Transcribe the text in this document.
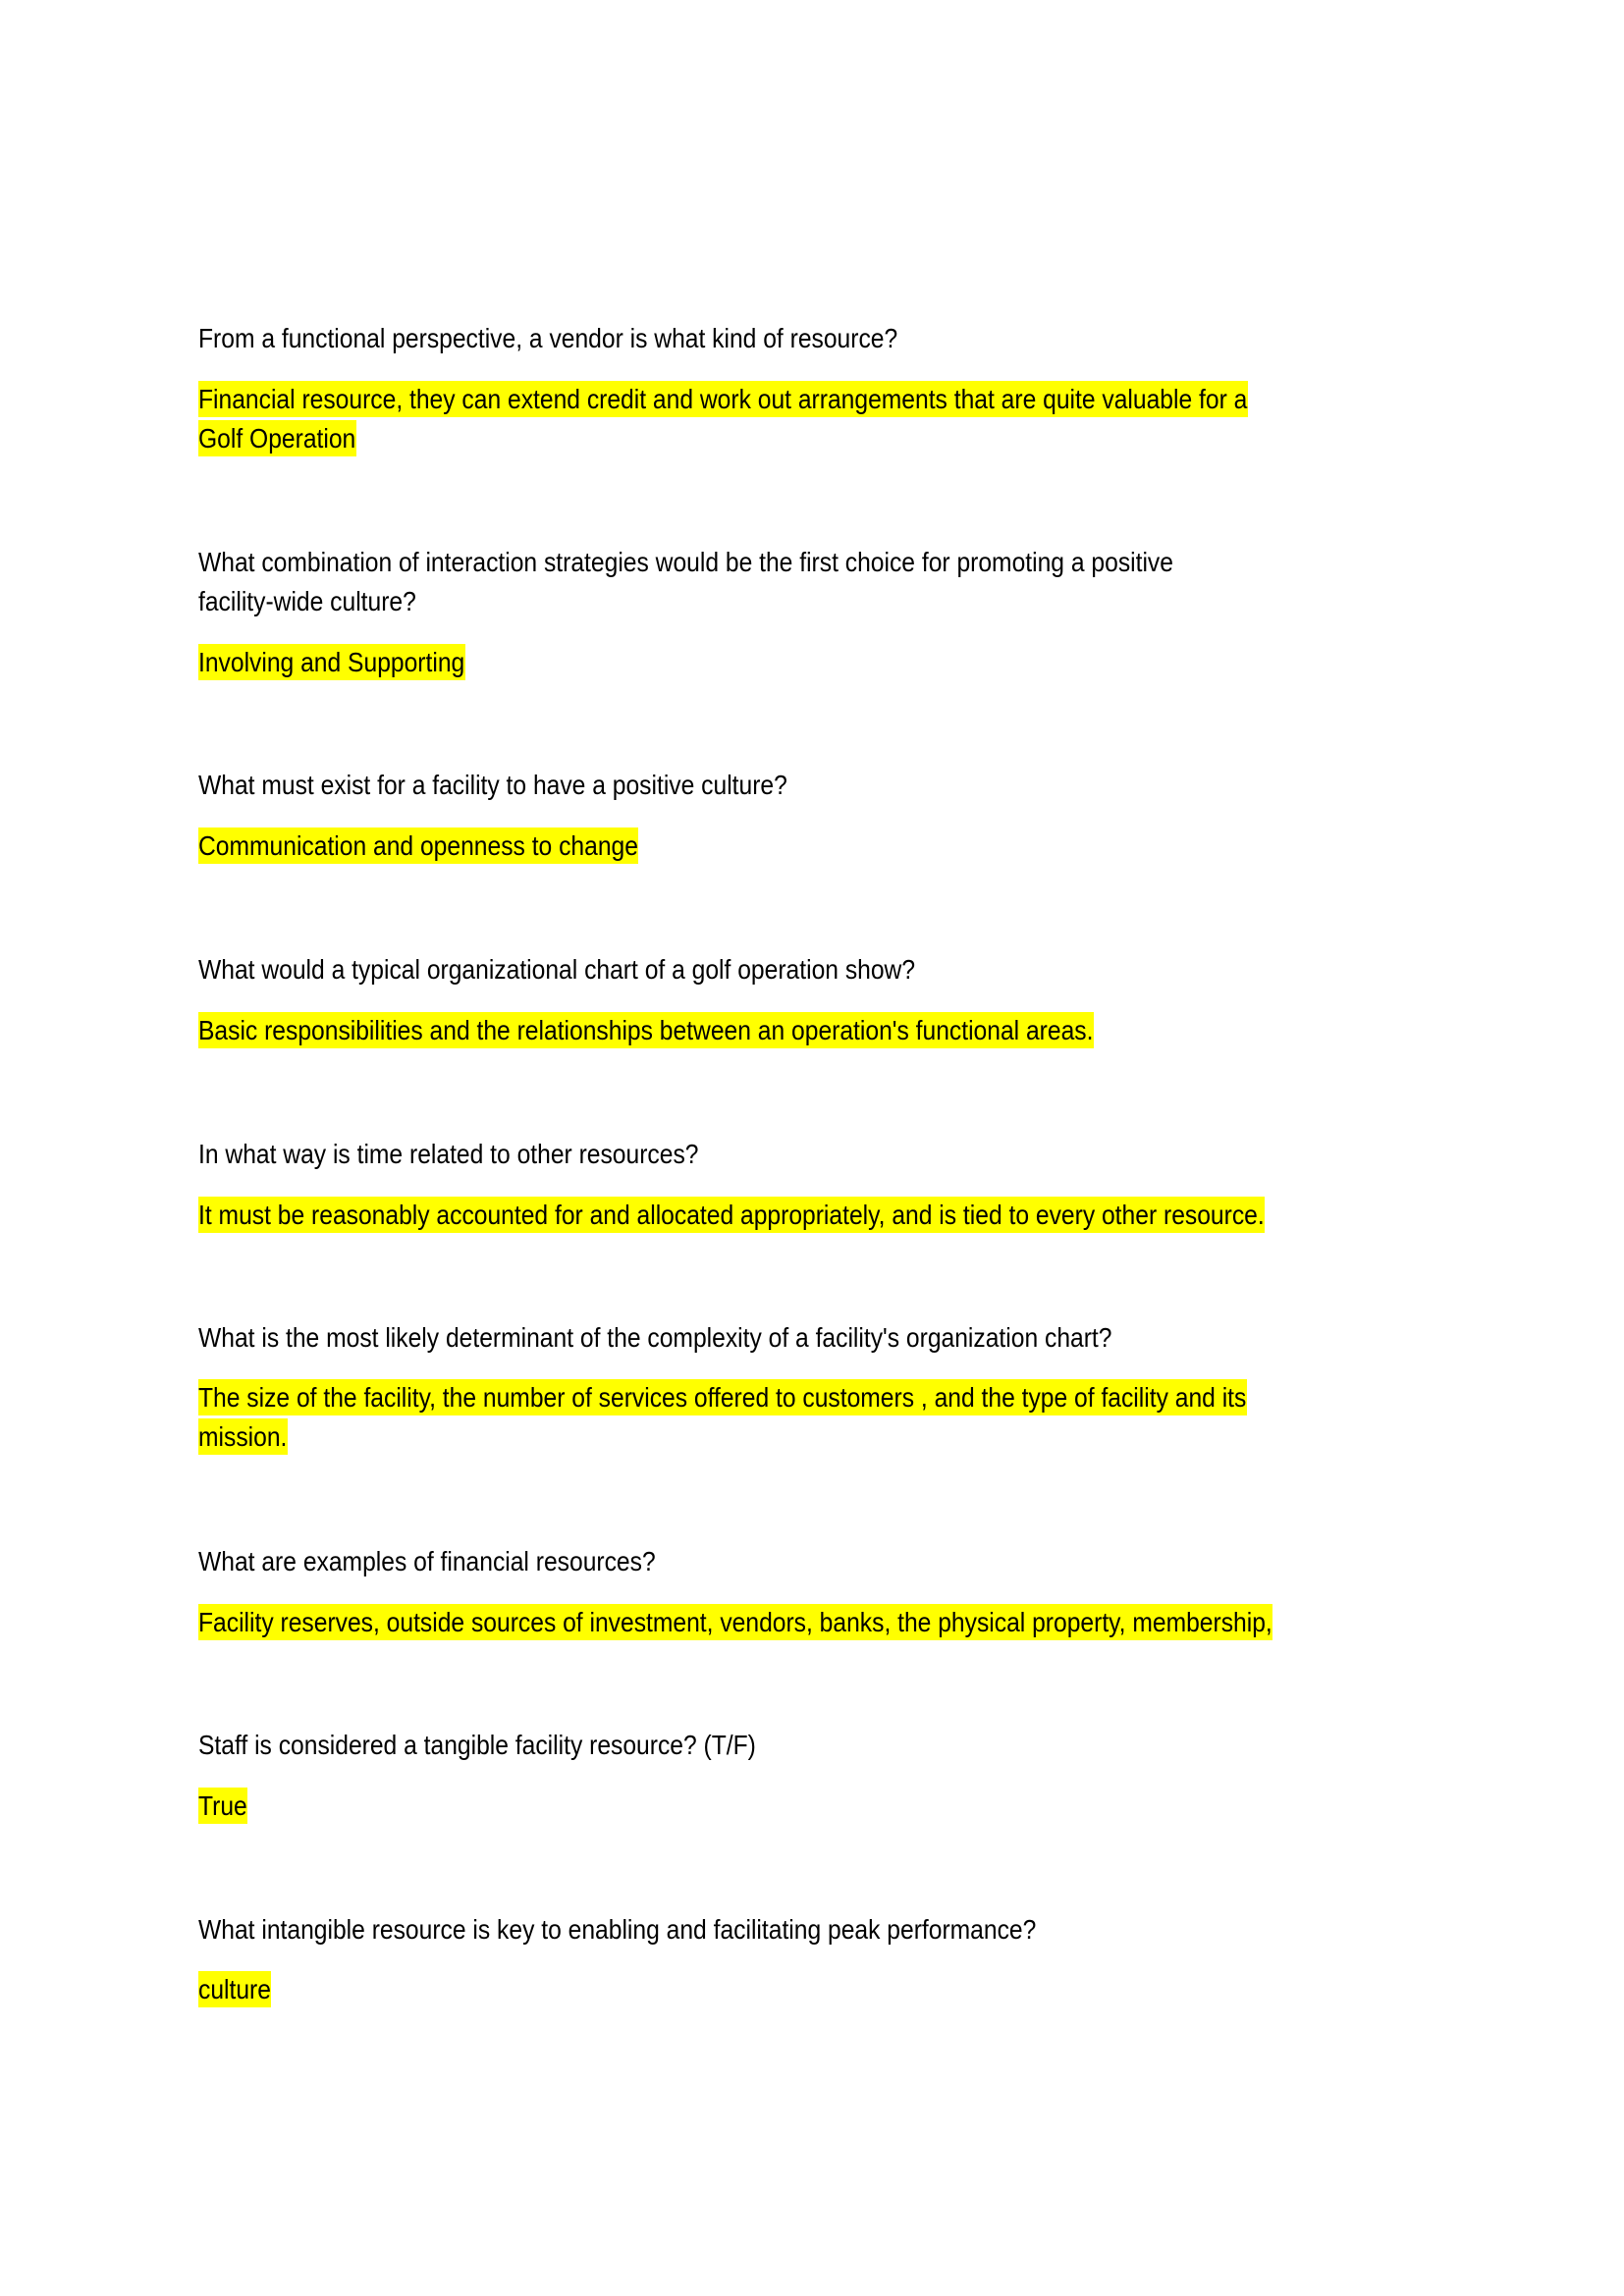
From a functional perspective, a vendor is what kind of resource?
Financial resource, they can extend credit and work out arrangements that are quite valuable for a
Golf Operation
What combination of interaction strategies would be the first choice for promoting a positive
facility-wide culture?
Involving and Supporting
What must exist for a facility to have a positive culture?
Communication and openness to change
What would a typical organizational chart of a golf operation show?
Basic responsibilities and the relationships between an operation's functional areas.
In what way is time related to other resources?
It must be reasonably accounted for and allocated appropriately, and is tied to every other resource.
What is the most likely determinant of the complexity of a facility's organization chart?
The size of the facility, the number of services offered to customers , and the type of facility and its
mission.
What are examples of financial resources?
Facility reserves, outside sources of investment, vendors, banks, the physical property, membership,
Staff is considered a tangible facility resource? (T/F)
True
What intangible resource is key to enabling and facilitating peak performance?
culture
